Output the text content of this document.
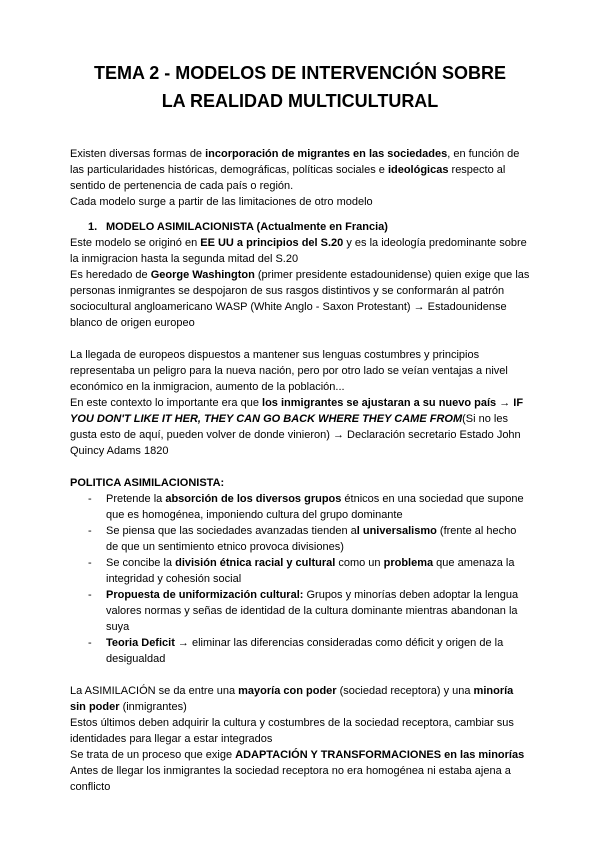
TEMA 2 - MODELOS DE INTERVENCIÓN SOBRE
LA REALIDAD MULTICULTURAL

Existen diversas formas de incorporación de migrantes en las sociedades, en función de las particularidades históricas, demográficas, políticas sociales e ideológicas respecto al sentido de pertenencia de cada país o región.

Cada modelo surge a partir de las limitaciones de otro modelo

1. MODELO ASIMILACIONISTA (Actualmente en Francia)

Este modelo se originó en EE UU a principios del S.20 y es la ideología predominante sobre la inmigracion hasta la segunda mitad del S.20

Es heredado de George Washington (primer presidente estadounidense) quien exige que las personas inmigrantes se despojaron de sus rasgos distintivos y se conformarán al patrón sociocultural angloamericano WASP (White Anglo - Saxon Protestant) → Estadounidense blanco de origen europeo

La llegada de europeos dispuestos a mantener sus lenguas costumbres y principios representaba un peligro para la nueva nación, pero por otro lado se veían ventajas a nivel económico en la inmigracion, aumento de la población...

En este contexto lo importante era que los inmigrantes se ajustaran a su nuevo país → IF YOU DON'T LIKE IT HER, THEY CAN GO BACK WHERE THEY CAME FROM(Si no les gusta esto de aquí, pueden volver de donde vinieron) → Declaración secretario Estado John Quincy Adams 1820

POLITICA ASIMILACIONISTA:

-	Pretende la absorción de los diversos grupos étnicos en una sociedad que supone que es homogénea, imponiendo cultura del grupo dominante
-	Se piensa que las sociedades avanzadas tienden al universalismo (frente al hecho de que un sentimiento etnico provoca divisiones)
-	Se concibe la división étnica racial y cultural como un problema que amenaza la integridad y cohesión social
-	Propuesta de uniformización cultural: Grupos y minorías deben adoptar la lengua valores normas y señas de identidad de la cultura dominante mientras abandonan la suya
-	Teoria Deficit → eliminar las diferencias consideradas como déficit y origen de la desigualdad

La ASIMILACIÓN se da entre una mayoría con poder (sociedad receptora) y una minoría sin poder (inmigrantes)

Estos últimos deben adquirir la cultura y costumbres de la sociedad receptora, cambiar sus identidades para llegar a estar integrados

Se trata de un proceso que exige ADAPTACIÓN Y TRANSFORMACIONES en las minorías

Antes de llegar los inmigrantes la sociedad receptora no era homogénea ni estaba ajena a conflicto
